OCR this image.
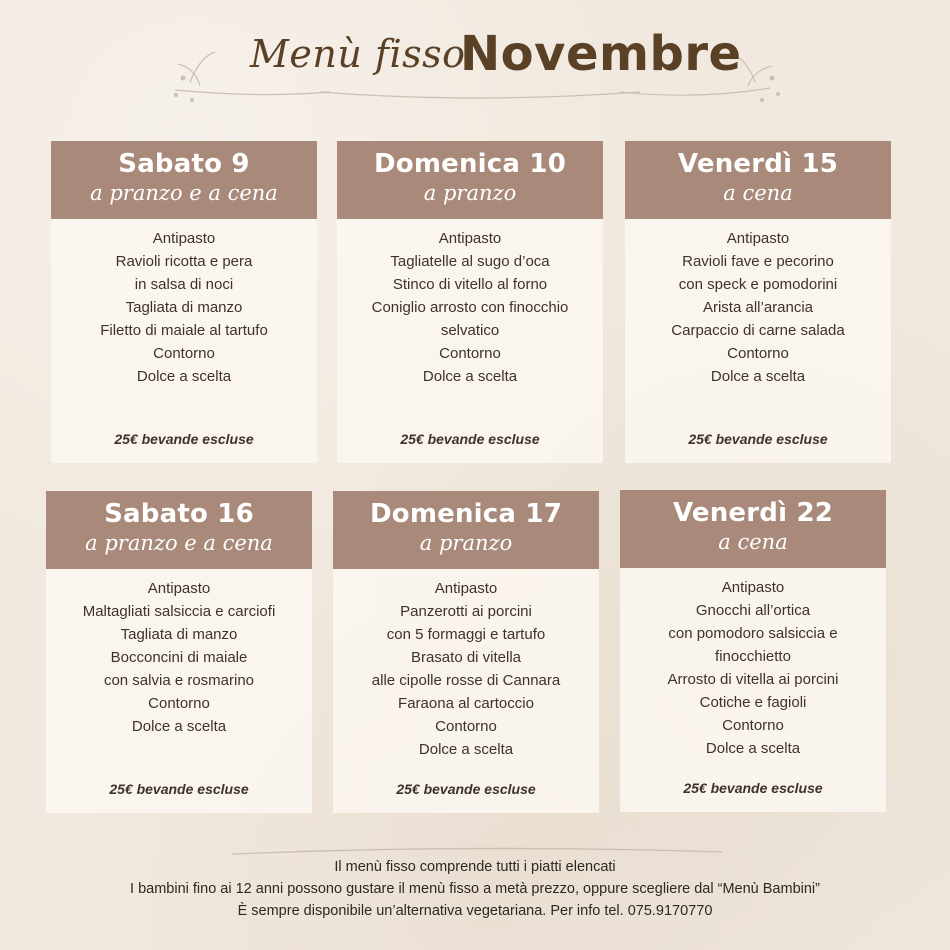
Menù fisso
Novembre
Sabato 9
a pranzo e a cena
Antipasto
Ravioli ricotta e pera
in salsa di noci
Tagliata di manzo
Filetto di maiale al tartufo
Contorno
Dolce a scelta
25€ bevande escluse
Domenica 10
a pranzo
Antipasto
Tagliatelle al sugo d’oca
Stinco di vitello al forno
Coniglio arrosto con finocchio
selvatico
Contorno
Dolce a scelta
25€ bevande escluse
Venerdì 15
a cena
Antipasto
Ravioli fave e pecorino
con speck e pomodorini
Arista all’arancia
Carpaccio di carne salada
Contorno
Dolce a scelta
25€ bevande escluse
Sabato 16
a pranzo e a cena
Antipasto
Maltagliati salsiccia e carciofi
Tagliata di manzo
Bocconcini di maiale
con salvia e rosmarino
Contorno
Dolce a scelta
25€ bevande escluse
Domenica 17
a pranzo
Antipasto
Panzerotti ai porcini
con 5 formaggi e tartufo
Brasato di vitella
alle cipolle rosse di Cannara
Faraona al cartoccio
Contorno
Dolce a scelta
25€ bevande escluse
Venerdì 22
a cena
Antipasto
Gnocchi all’ortica
con pomodoro salsiccia e
finocchietto
Arrosto di vitella ai porcini
Cotiche e fagioli
Contorno
Dolce a scelta
25€ bevande escluse
Il menù fisso comprende tutti i piatti elencati
I bambini fino ai 12 anni possono gustare il menù fisso a metà prezzo, oppure scegliere dal “Menù Bambini”
È sempre disponibile un’alternativa vegetariana. Per info tel. 075.9170770
